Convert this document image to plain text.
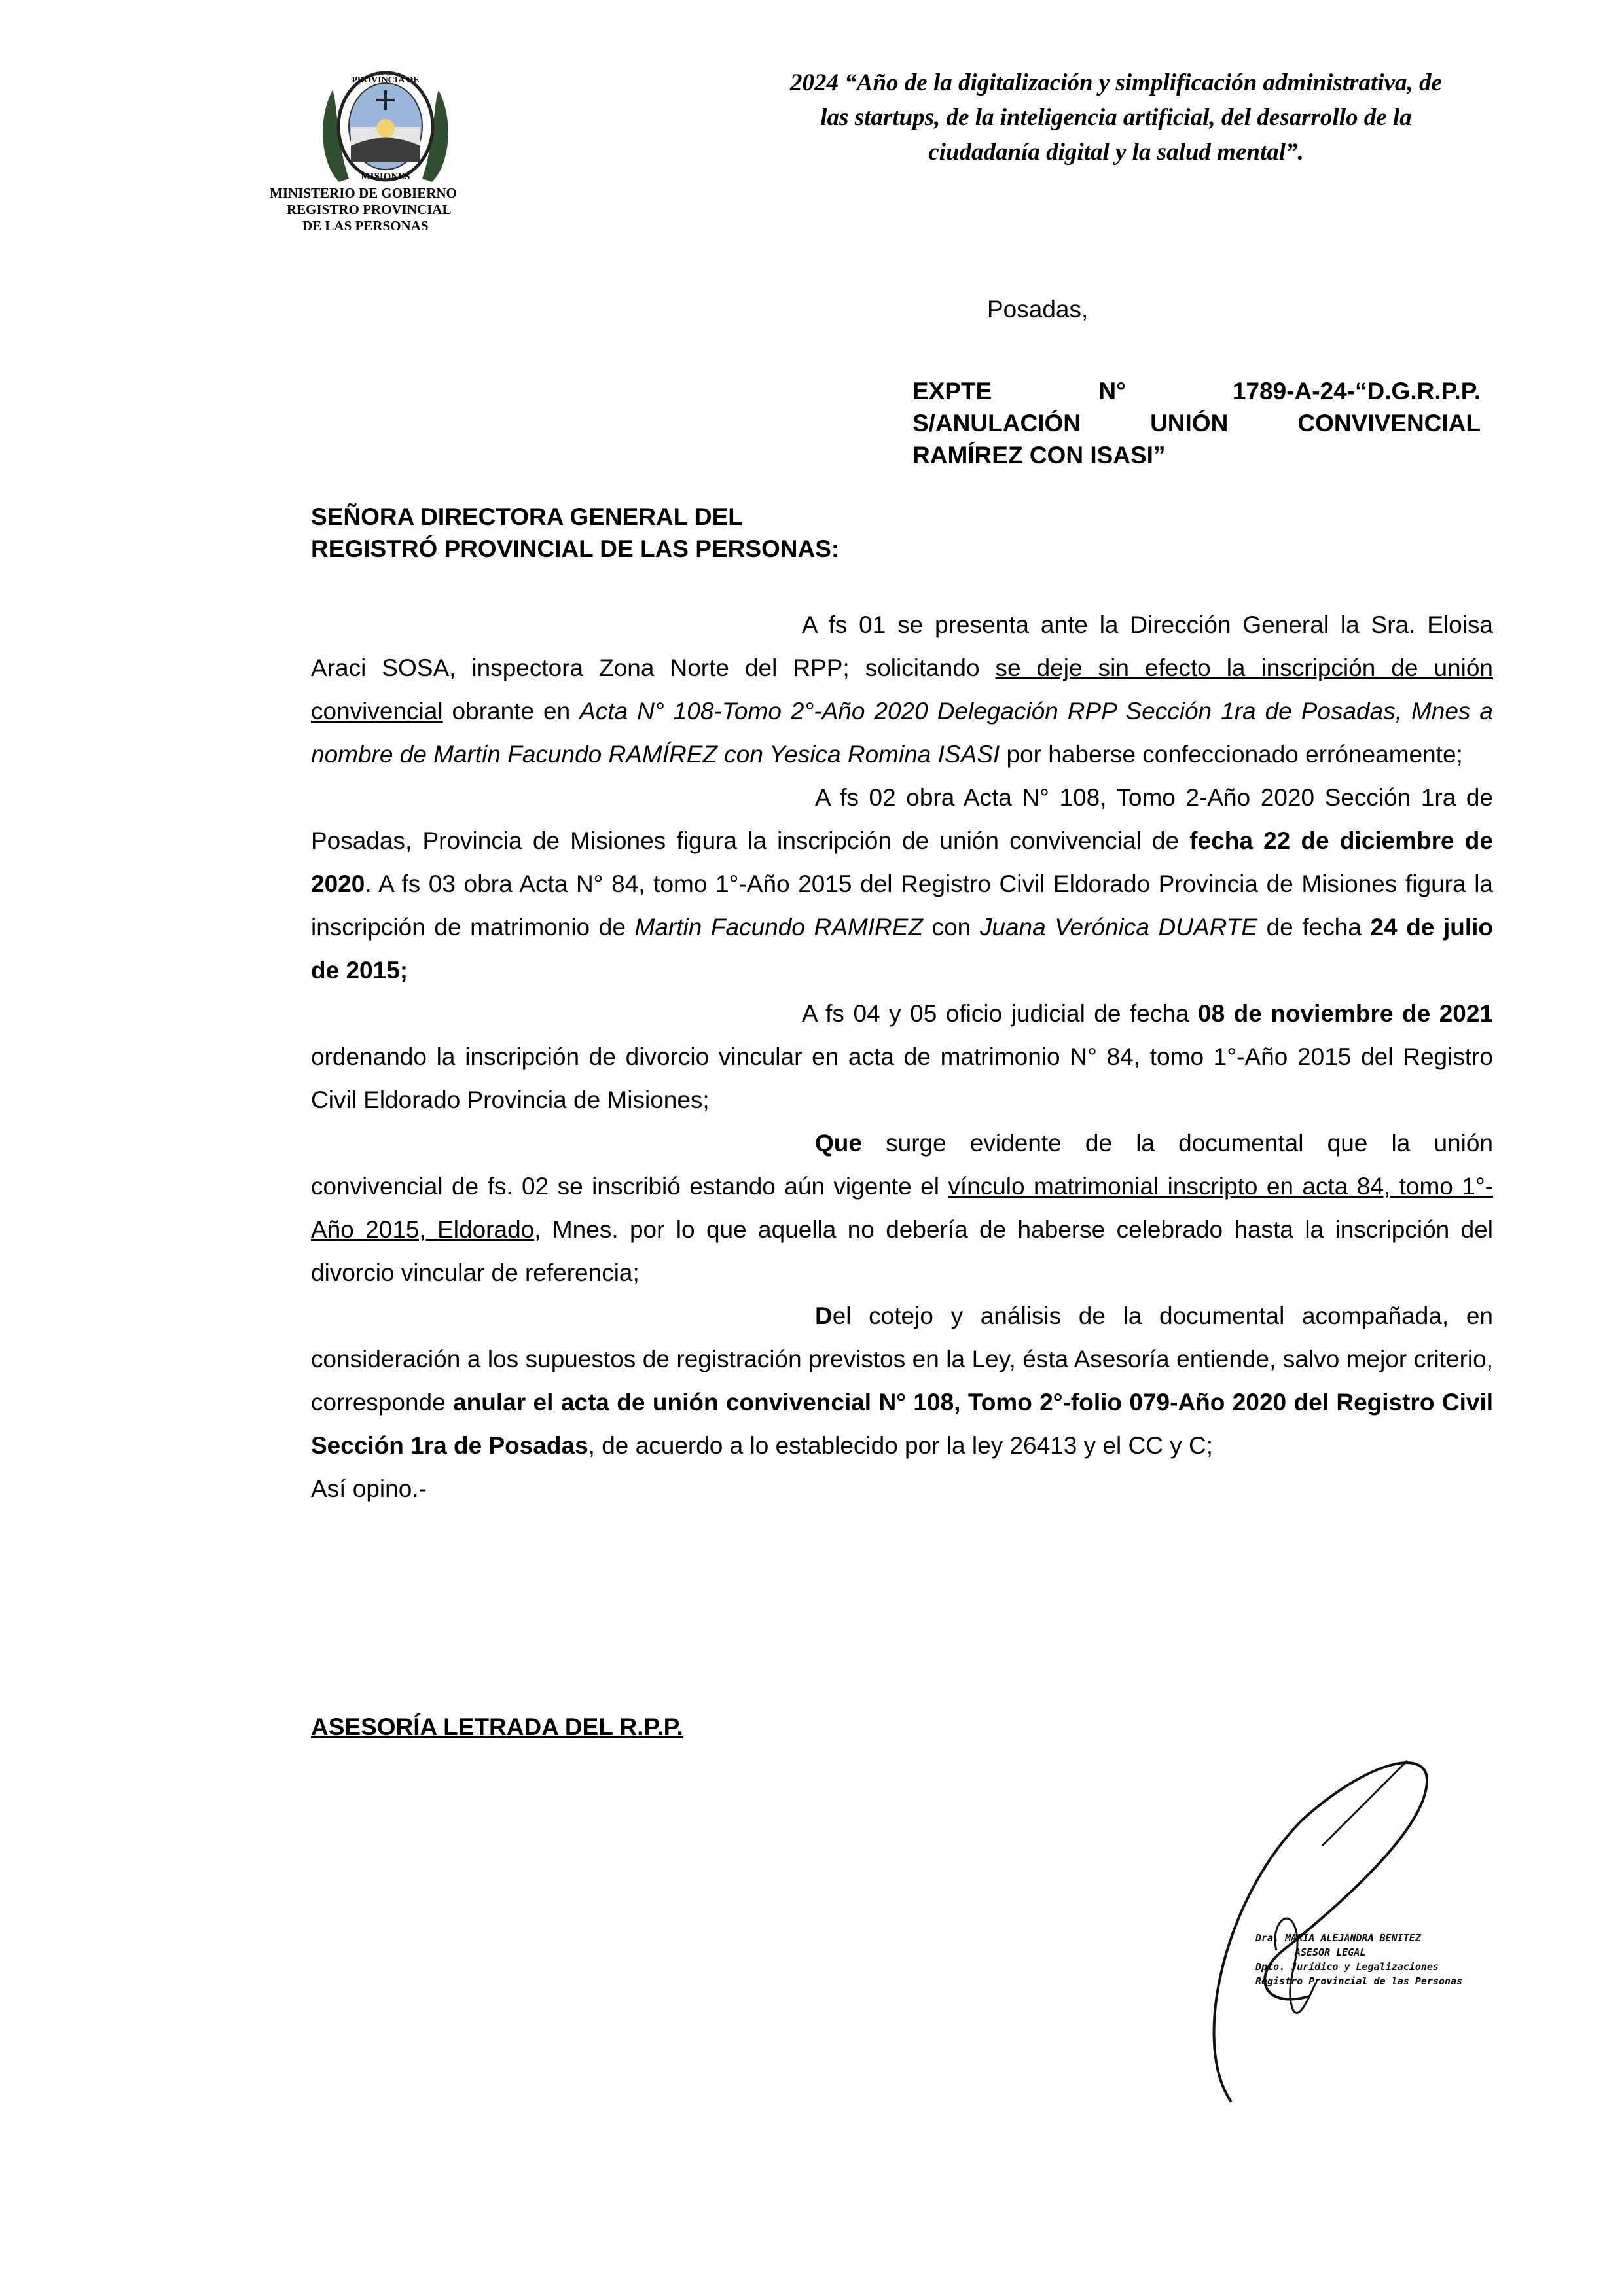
PROVINCIA DE
MISIONES
MINISTERIO DE GOBIERNO
REGISTRO PROVINCIAL
DE LAS PERSONAS
2024 “Año de la digitalización y simplificación administrativa, de
las startups, de la inteligencia artificial, del desarrollo de la
ciudadanía digital y la salud mental”.
Posadas,
EXPTE	N°	1789-A-24-“D.G.R.P.P.
S/ANULACIÓN	UNIÓN	CONVIVENCIAL
RAMÍREZ CON ISASI”
SEÑORA DIRECTORA GENERAL DEL
REGISTRÓ PROVINCIAL DE LAS PERSONAS:

A fs 01 se presenta ante la Dirección General la Sra. Eloisa Araci SOSA, inspectora Zona Norte del RPP; solicitando se deje sin efecto la inscripción de unión convivencial obrante en Acta N° 108-Tomo 2°-Año 2020 Delegación RPP Sección 1ra de Posadas, Mnes a nombre de Martin Facundo RAMÍREZ con Yesica Romina ISASI por haberse confeccionado erróneamente;

A fs 02 obra Acta N° 108, Tomo 2-Año 2020 Sección 1ra de Posadas, Provincia de Misiones figura la inscripción de unión convivencial de fecha 22 de diciembre de 2020. A fs 03 obra Acta N° 84, tomo 1°-Año 2015 del Registro Civil Eldorado Provincia de Misiones figura la inscripción de matrimonio de Martin Facundo RAMIREZ con Juana Verónica DUARTE de fecha 24 de julio de 2015;

A fs 04 y 05 oficio judicial de fecha 08 de noviembre de 2021 ordenando la inscripción de divorcio vincular en acta de matrimonio N° 84, tomo 1°-Año 2015 del Registro Civil Eldorado Provincia de Misiones;

Que surge evidente de la documental que la unión convivencial de fs. 02 se inscribió estando aún vigente el vínculo matrimonial inscripto en acta 84, tomo 1°-Año 2015, Eldorado, Mnes. por lo que aquella no debería de haberse celebrado hasta la inscripción del divorcio vincular de referencia;

Del cotejo y análisis de la documental acompañada, en consideración a los supuestos de registración previstos en la Ley, ésta Asesoría entiende, salvo mejor criterio, corresponde anular el acta de unión convivencial N° 108, Tomo 2°-folio 079-Año 2020 del Registro Civil Sección 1ra de Posadas, de acuerdo a lo establecido por la ley 26413 y el CC y C;

Así opino.-

ASESORÍA LETRADA DEL R.P.P.
Dra. MARIA ALEJANDRA BENITEZ
ASESOR LEGAL
Dpto. Jurídico y Legalizaciones
Registro Provincial de las Personas
